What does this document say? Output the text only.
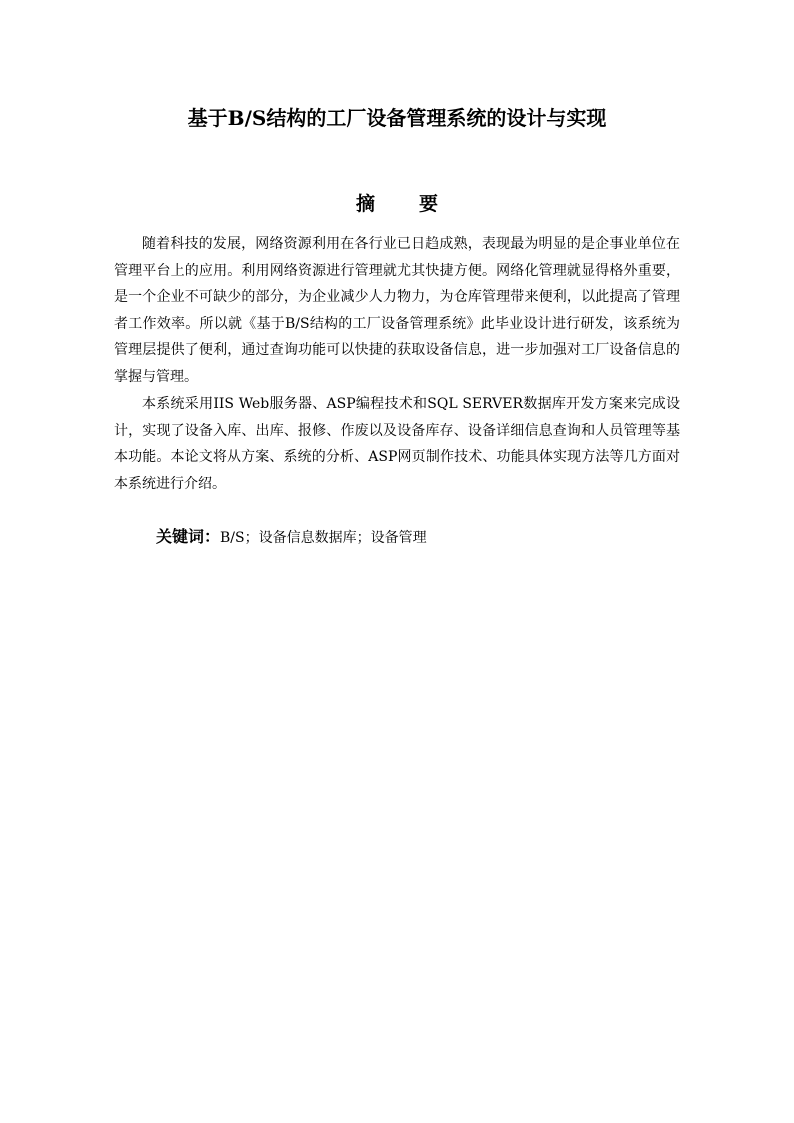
基于B/S结构的工厂设备管理系统的设计与实现
摘 要

随着科技的发展，网络资源利用在各行业已日趋成熟，表现最为明显的是企事业单位在管理平台上的应用。利用网络资源进行管理就尤其快捷方便。网络化管理就显得格外重要，是一个企业不可缺少的部分，为企业减少人力物力，为仓库管理带来便利，以此提高了管理者工作效率。所以就《基于B/S结构的工厂设备管理系统》此毕业设计进行研发，该系统为管理层提供了便利，通过查询功能可以快捷的获取设备信息，进一步加强对工厂设备信息的掌握与管理。

本系统采用IIS Web服务器、ASP编程技术和SQL SERVER数据库开发方案来完成设计，实现了设备入库、出库、报修、作废以及设备库存、设备详细信息查询和人员管理等基本功能。本论文将从方案、系统的分析、ASP网页制作技术、功能具体实现方法等几方面对本系统进行介绍。

关键词：B/S；设备信息数据库；设备管理
